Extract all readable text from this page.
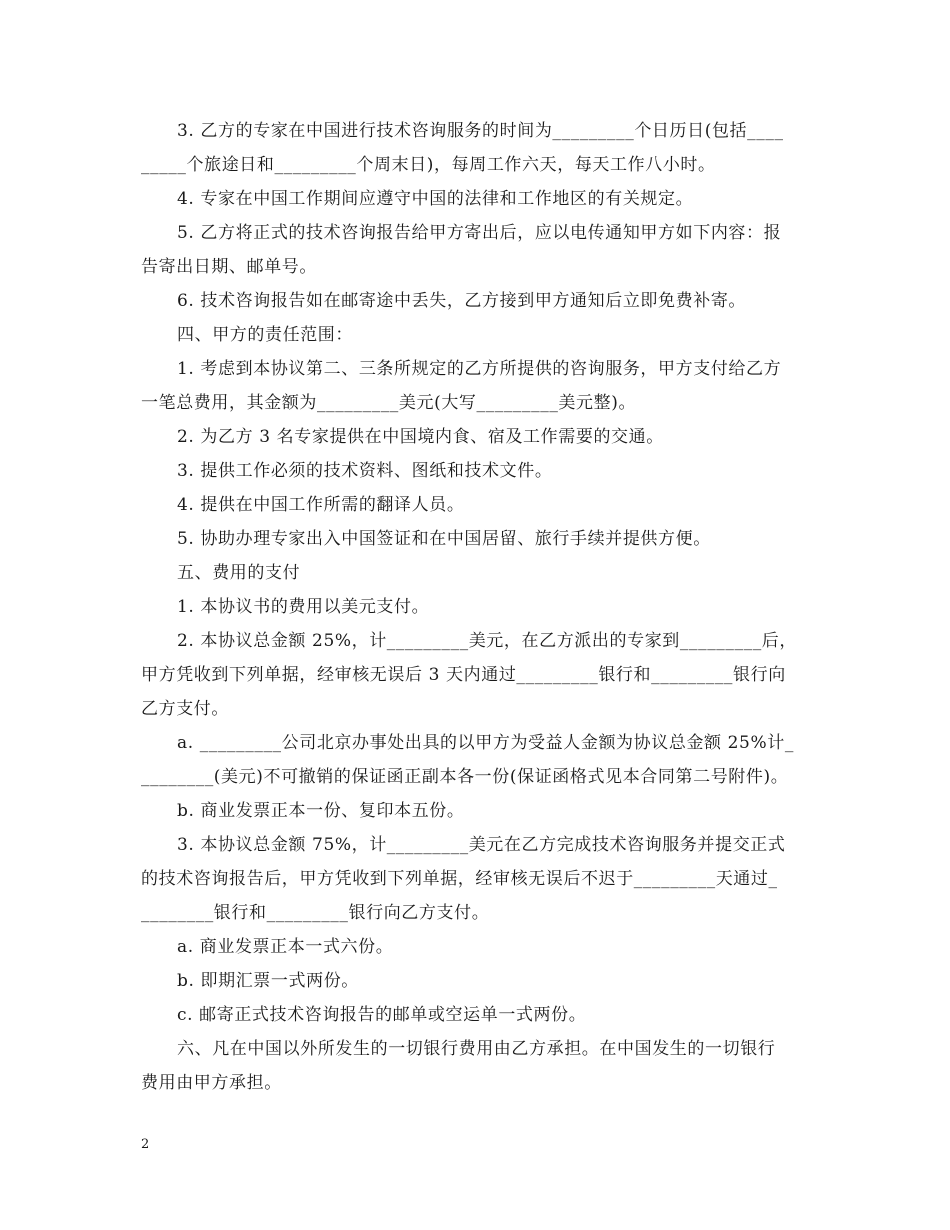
3. 乙方的专家在中国进行技术咨询服务的时间为_________个日历日(包括____

_____个旅途日和_________个周末日)，每周工作六天，每天工作八小时。

4. 专家在中国工作期间应遵守中国的法律和工作地区的有关规定。

5. 乙方将正式的技术咨询报告给甲方寄出后，应以电传通知甲方如下内容：报

告寄出日期、邮单号。

6. 技术咨询报告如在邮寄途中丢失，乙方接到甲方通知后立即免费补寄。

四、甲方的责任范围：

1. 考虑到本协议第二、三条所规定的乙方所提供的咨询服务，甲方支付给乙方

一笔总费用，其金额为_________美元(大写_________美元整)。

2. 为乙方 3 名专家提供在中国境内食、宿及工作需要的交通。

3. 提供工作必须的技术资料、图纸和技术文件。

4. 提供在中国工作所需的翻译人员。

5. 协助办理专家出入中国签证和在中国居留、旅行手续并提供方便。

五、费用的支付

1. 本协议书的费用以美元支付。

2. 本协议总金额 25%，计_________美元，在乙方派出的专家到_________后，

甲方凭收到下列单据，经审核无误后 3 天内通过_________银行和_________银行向

乙方支付。

a. _________公司北京办事处出具的以甲方为受益人金额为协议总金额 25%计_

________(美元)不可撤销的保证函正副本各一份(保证函格式见本合同第二号附件)。

b. 商业发票正本一份、复印本五份。

3. 本协议总金额 75%，计_________美元在乙方完成技术咨询服务并提交正式

的技术咨询报告后，甲方凭收到下列单据，经审核无误后不迟于_________天通过_

________银行和_________银行向乙方支付。

a. 商业发票正本一式六份。

b. 即期汇票一式两份。

c. 邮寄正式技术咨询报告的邮单或空运单一式两份。

六、凡在中国以外所发生的一切银行费用由乙方承担。在中国发生的一切银行

费用由甲方承担。

2
